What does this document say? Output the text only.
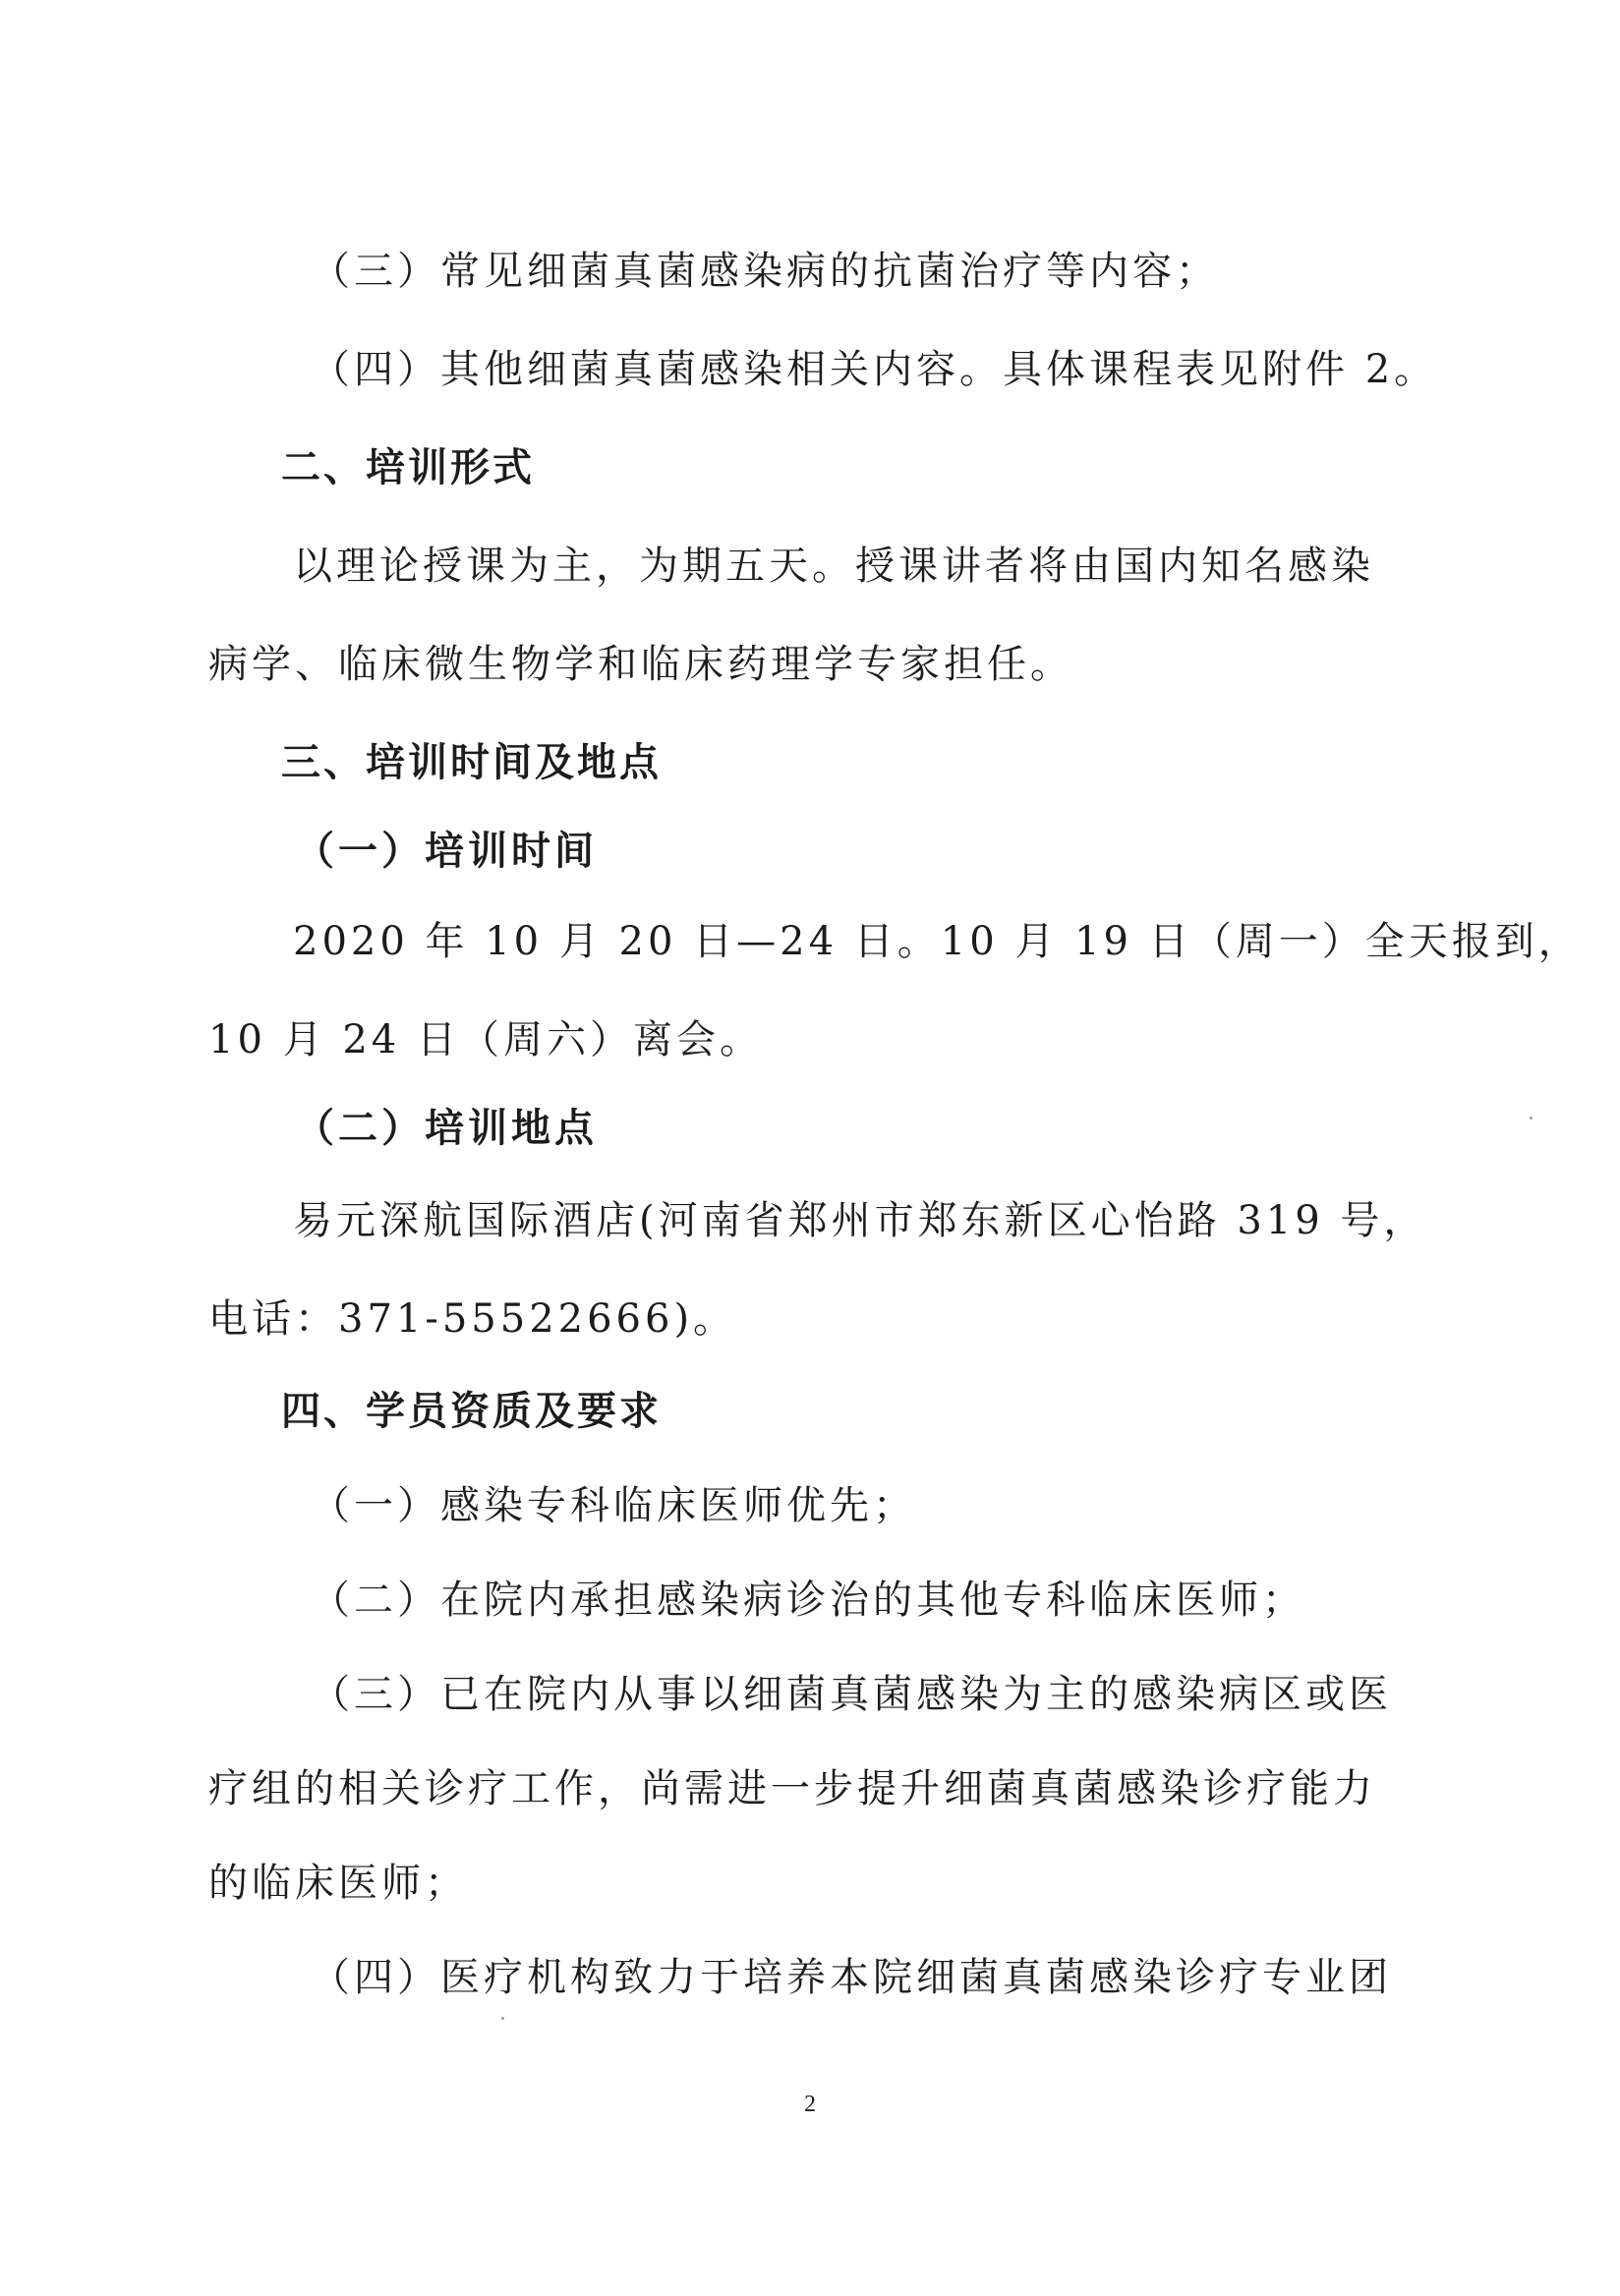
（三）常见细菌真菌感染病的抗菌治疗等内容；
（四）其他细菌真菌感染相关内容。具体课程表见附件 2。
二、培训形式
以理论授课为主，为期五天。授课讲者将由国内知名感染
病学、临床微生物学和临床药理学专家担任。
三、培训时间及地点
（一）培训时间
2020 年 10 月 20 日—24 日。10 月 19 日（周一）全天报到，
10 月 24 日（周六）离会。
（二）培训地点
易元深航国际酒店(河南省郑州市郑东新区心怡路 319 号，
电话：371-55522666)。
四、学员资质及要求
（一）感染专科临床医师优先；
（二）在院内承担感染病诊治的其他专科临床医师；
（三）已在院内从事以细菌真菌感染为主的感染病区或医
疗组的相关诊疗工作，尚需进一步提升细菌真菌感染诊疗能力
的临床医师；
（四）医疗机构致力于培养本院细菌真菌感染诊疗专业团
2
